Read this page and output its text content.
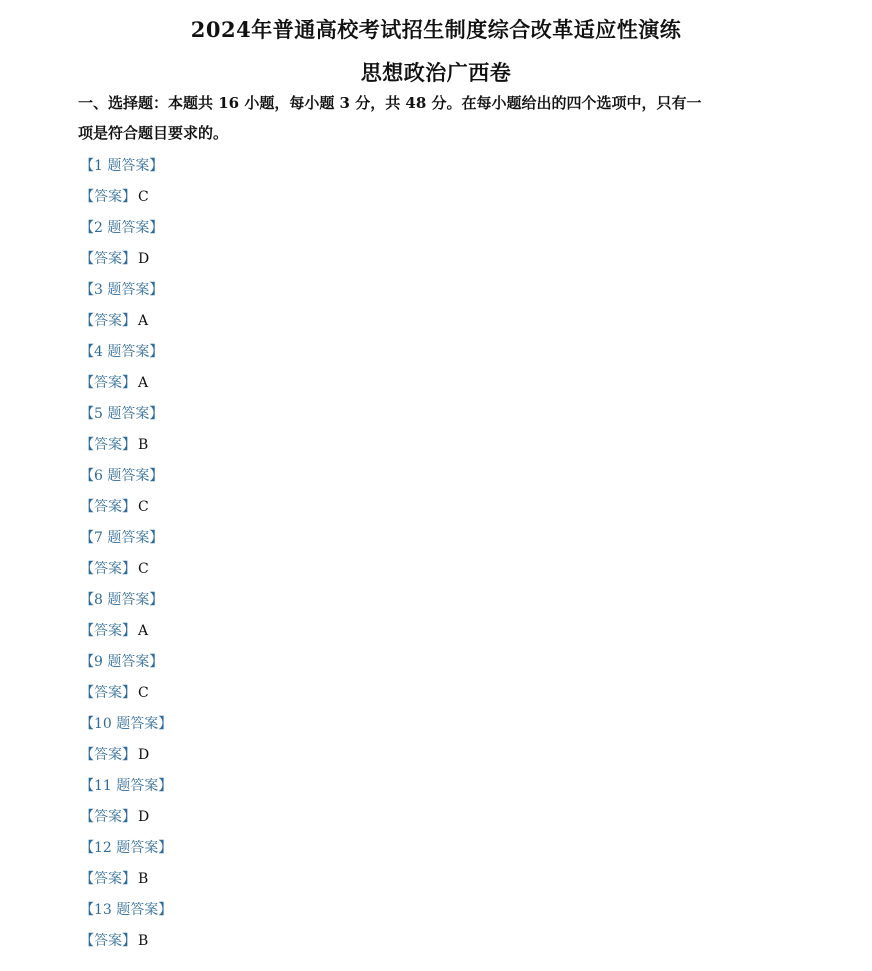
2024年普通高校考试招生制度综合改革适应性演练
思想政治广西卷
一、选择题：本题共 16 小题，每小题 3 分，共 48 分。在每小题给出的四个选项中，只有一
项是符合题目要求的。
【1 题答案】
【答案】 C
【2 题答案】
【答案】 D
【3 题答案】
【答案】 A
【4 题答案】
【答案】 A
【5 题答案】
【答案】 B
【6 题答案】
【答案】 C
【7 题答案】
【答案】 C
【8 题答案】
【答案】 A
【9 题答案】
【答案】 C
【10 题答案】
【答案】 D
【11 题答案】
【答案】 D
【12 题答案】
【答案】 B
【13 题答案】
【答案】 B
